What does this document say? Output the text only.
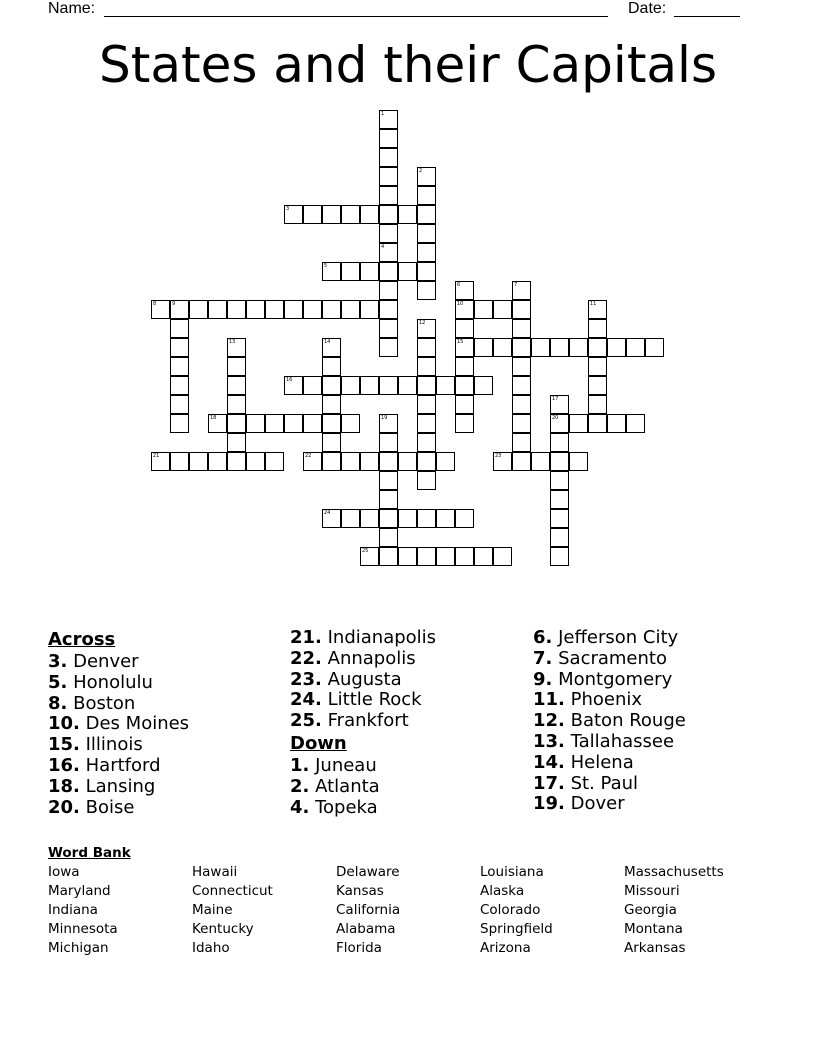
Name:	Date:
States and their Capitals
1
4
2
3
5
6
10
15
7
8	9	11
12
13	14
16
17
20
18	19
21	22	23
24
25
Across
3. Denver
5. Honolulu
8. Boston
10. Des Moines
15. Illinois
16. Hartford
18. Lansing
20. Boise
21. Indianapolis
22. Annapolis
23. Augusta
24. Little Rock
25. Frankfort
Down
1. Juneau
2. Atlanta
4. Topeka
6. Jefferson City
7. Sacramento
9. Montgomery
11. Phoenix
12. Baton Rouge
13. Tallahassee
14. Helena
17. St. Paul
19. Dover
Word Bank
Iowa
Maryland
Indiana
Minnesota
Michigan
Hawaii
Connecticut
Maine
Kentucky
Idaho
Delaware
Kansas
California
Alabama
Florida
Louisiana
Alaska
Colorado
Springfield
Arizona
Massachusetts
Missouri
Georgia
Montana
Arkansas
